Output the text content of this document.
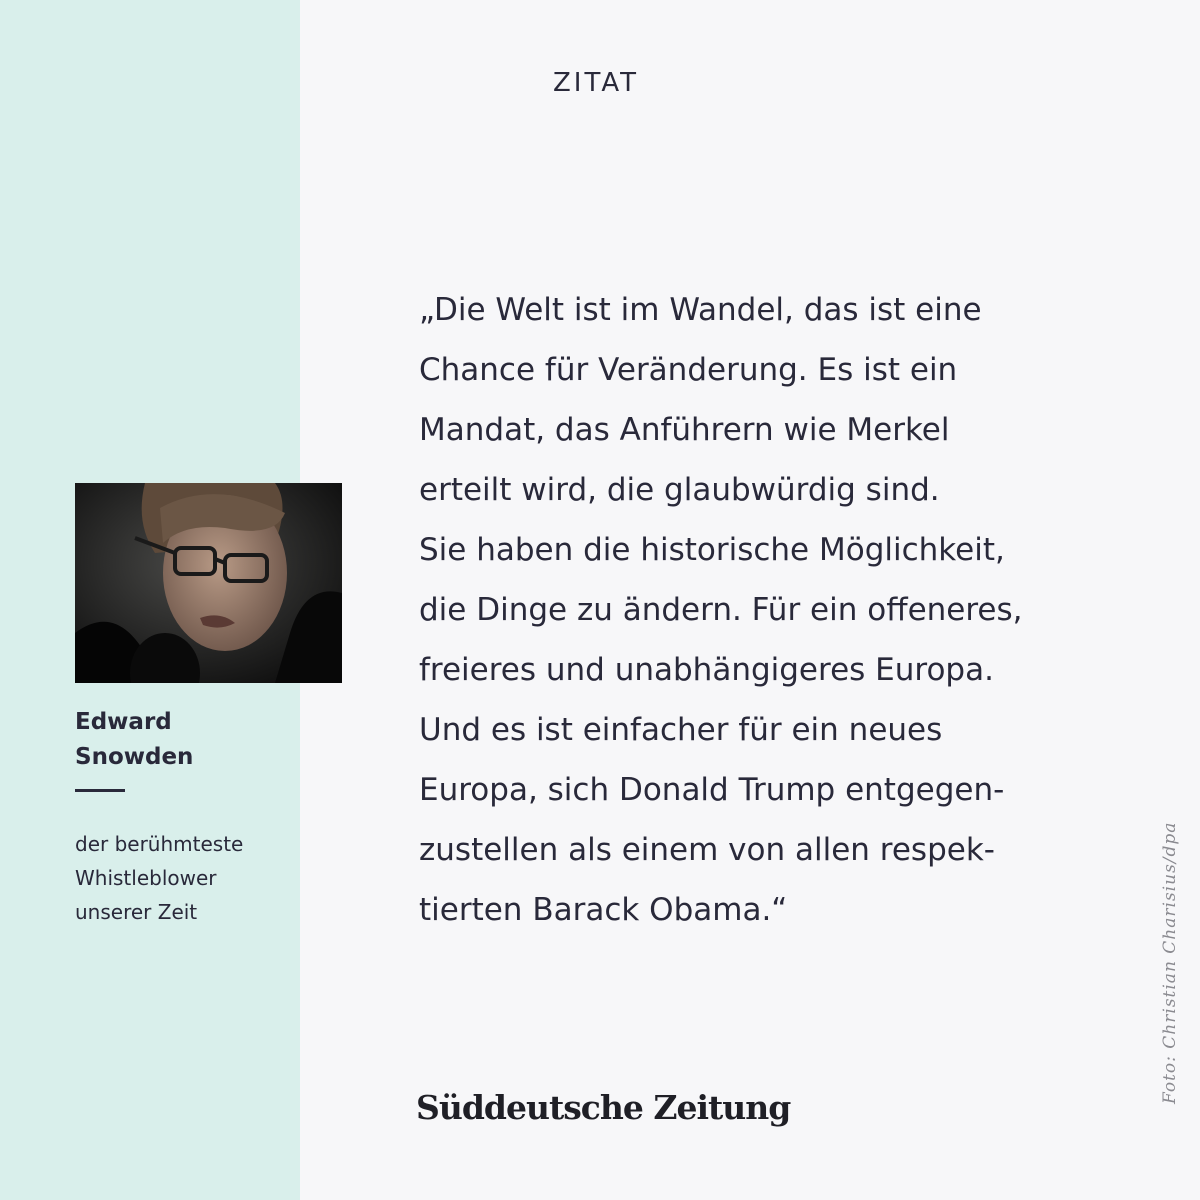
Edward
Snowden
der berühmteste
Whistleblower
unserer Zeit
ZITAT
„Die Welt ist im Wandel, das ist eine
Chance für Veränderung. Es ist ein
Mandat, das Anführern wie Merkel
erteilt wird, die glaubwürdig sind.
Sie haben die historische Möglichkeit,
die Dinge zu ändern. Für ein offeneres,
freieres und unabhängigeres Europa.
Und es ist einfacher für ein neues
Europa, sich Donald Trump entgegen-
zustellen als einem von allen respek-
tierten Barack Obama.“
Süddeutsche Zeitung
Foto: Christian Charisius/dpa
